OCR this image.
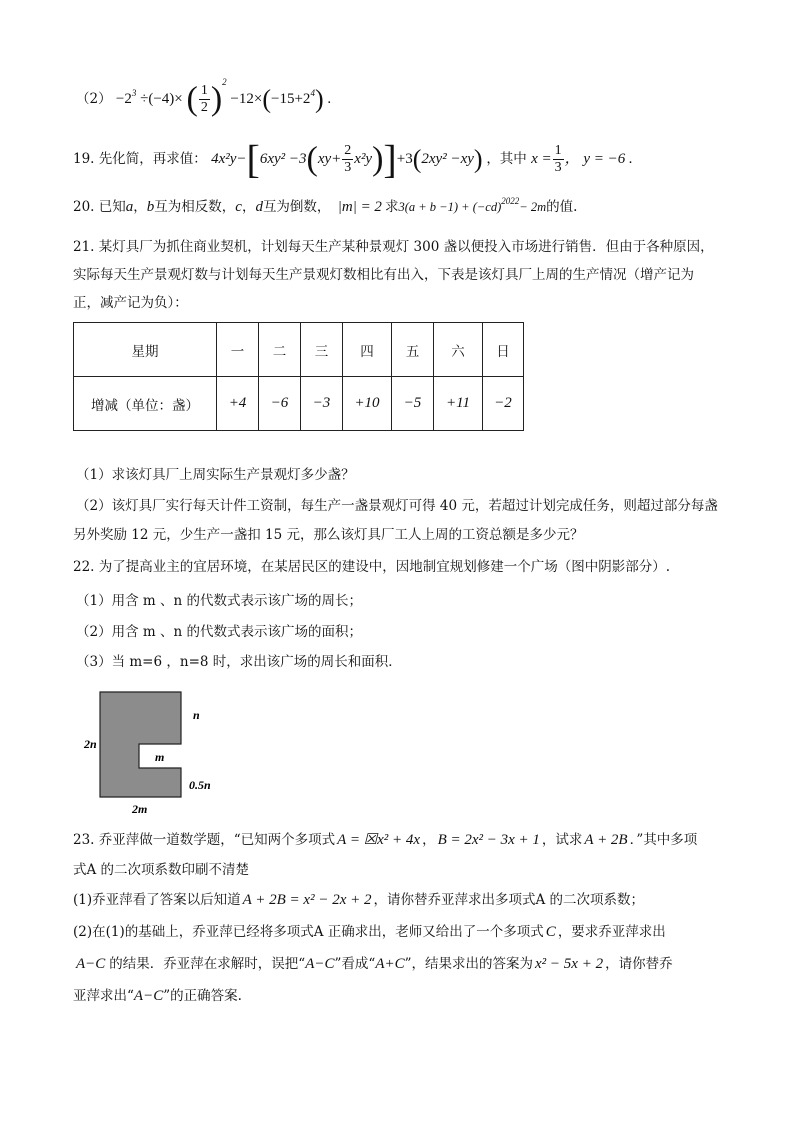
$(2) -2^3 \div(-4)\times$ ( $\frac{1}{2} )^2 -12\times(-15+2^4)$ .
19. 先化简，再求值： $4x^2y-[6xy^2 -3(xy+ \frac{2}{3} x^2y)]+3(2xy^2 -xy)$ ，其中 $x = \frac{1}{3}$ ， y = −6 .
20. 已知a，b互为相反数，c，d互为倒数， |m| = 2 求$3(a + b -1) + (-cd)^{2022}- 2m$的值.
21. 某灯具厂为抓住商业契机，计划每天生产某种景观灯 300 盏以便投入市场进行销售．但由于各种原因，
实际每天生产景观灯数与计划每天生产景观灯数相比有出入，下表是该灯具厂上周的生产情况（增产记为
正，减产记为负）：
星期	一	二	三	四	五	六	日
增减（单位：盏）	+4	−6	−3	+10	−5	+11	−2
（1）求该灯具厂上周实际生产景观灯多少盏？
（2）该灯具厂实行每天计件工资制，每生产一盏景观灯可得 40 元，若超过计划完成任务，则超过部分每盏
另外奖励 12 元，少生产一盏扣 15 元，那么该灯具厂工人上周的工资总额是多少元？
22. 为了提高业主的宜居环境，在某居民区的建设中，因地制宜规划修建一个广场（图中阴影部分）.
（1）用含 m 、n 的代数式表示该广场的周长；
（2）用含 m 、n 的代数式表示该广场的面积；
（3）当 m=6 ，n=8 时，求出该广场的周长和面积．
2n
n
m
0.5n
2m
23. 乔亚萍做一道数学题，“已知两个多项式 A = ☒x² + 4x ， B = 2x² − 3x + 1 ，试求 A + 2B ．”其中多项
式A 的二次项系数印刷不清楚
(1)乔亚萍看了答案以后知道 A + 2B = x² − 2x + 2 ，请你替乔亚萍求出多项式A 的二次项系数；
(2)在(1)的基础上，乔亚萍已经将多项式A 正确求出，老师又给出了一个多项式 C ，要求乔亚萍求出
A−C 的结果．乔亚萍在求解时，误把“A−C”看成“A+C”，结果求出的答案为 x² − 5x + 2 ，请你替乔
亚萍求出“A−C”的正确答案.
